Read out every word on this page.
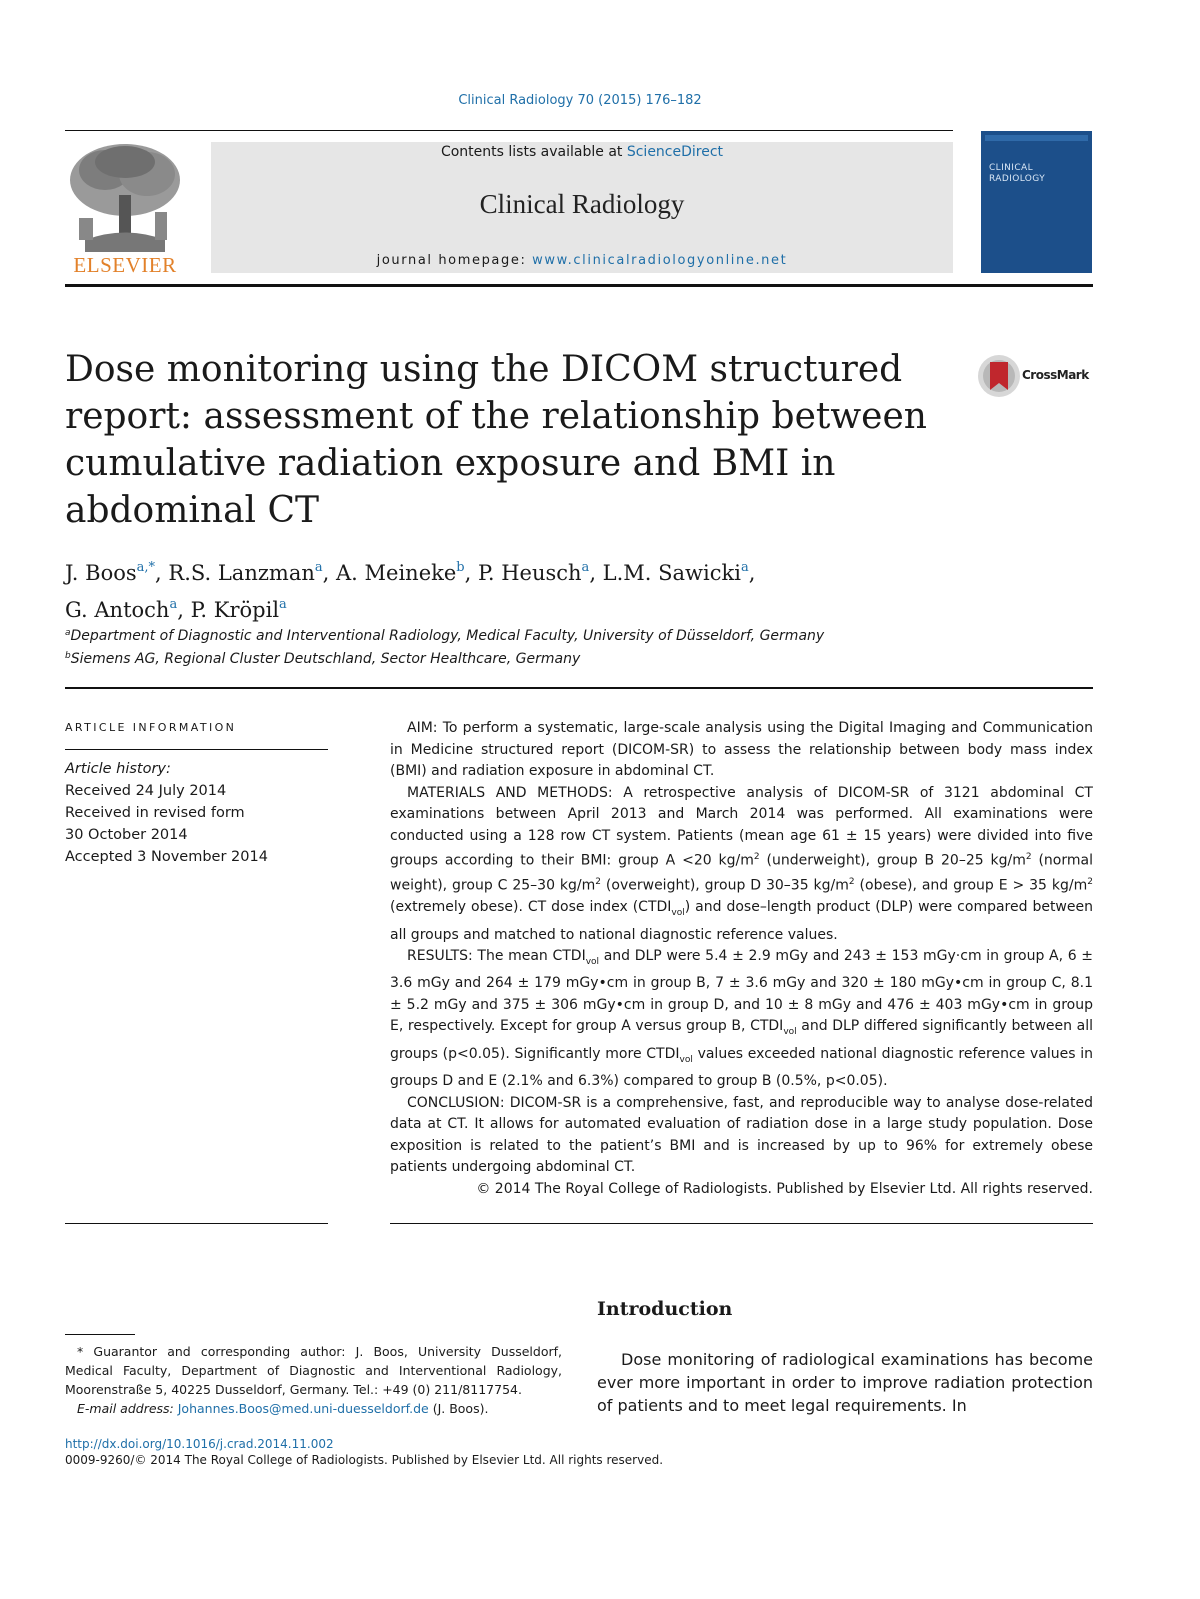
Clinical Radiology 70 (2015) 176–182
ELSEVIER
Contents lists available at ScienceDirect
Clinical Radiology
journal homepage: www.clinicalradiologyonline.net
CLINICAL
RADIOLOGY
Dose monitoring using the DICOM structured report: assessment of the relationship between cumulative radiation exposure and BMI in abdominal CT
CrossMark
J. Boos$^{a,*}$, R.S. Lanzman$^a$, A. Meineke$^b$, P. Heusch$^a$, L.M. Sawicki$^a$,
G. Antoch$^a$, P. Kröpil$^a$
$^a$Department of Diagnostic and Interventional Radiology, Medical Faculty, University of Düsseldorf, Germany
$^b$Siemens AG, Regional Cluster Deutschland, Sector Healthcare, Germany
ARTICLE INFORMATION
Article history:
Received 24 July 2014
Received in revised form
30 October 2014
Accepted 3 November 2014

AIM: To perform a systematic, large-scale analysis using the Digital Imaging and Communication in Medicine structured report (DICOM-SR) to assess the relationship between body mass index (BMI) and radiation exposure in abdominal CT.

MATERIALS AND METHODS: A retrospective analysis of DICOM-SR of 3121 abdominal CT examinations between April 2013 and March 2014 was performed. All examinations were conducted using a 128 row CT system. Patients (mean age 61 ± 15 years) were divided into five groups according to their BMI: group A <20 $kg/m^2$ (underweight), group B 20–25 $kg/m^2$ (normal weight), group C 25–30 $kg/m^2$ (overweight), group D 30–35 $kg/m^2$ (obese), and group E > 35 $kg/m^2$ (extremely obese). CT dose index $(CTDI_{vol})$ and dose–length product (DLP) were compared between all groups and matched to national diagnostic reference values.

RESULTS: The mean $CTDI_{vol}$ and DLP were 5.4 ± 2.9 mGy and 243 ± 153 mGy·cm in group A, 6 ± 3.6 mGy and 264 ± 179 mGy•cm in group B, 7 ± 3.6 mGy and 320 ± 180 mGy•cm in group C, 8.1 ± 5.2 mGy and 375 ± 306 mGy•cm in group D, and 10 ± 8 mGy and 476 ± 403 mGy•cm in group E, respectively. Except for group A versus group B, $CTDI_{vol}$ and DLP differed significantly between all groups (p<0.05). Significantly more $CTDI_{vol}$ values exceeded national diagnostic reference values in groups D and E (2.1% and 6.3%) compared to group B (0.5%, p<0.05).

CONCLUSION: DICOM-SR is a comprehensive, fast, and reproducible way to analyse dose-related data at CT. It allows for automated evaluation of radiation dose in a large study population. Dose exposition is related to the patient’s BMI and is increased by up to 96% for extremely obese patients undergoing abdominal CT.

© 2014 The Royal College of Radiologists. Published by Elsevier Ltd. All rights reserved.

Introduction

Dose monitoring of radiological examinations has become ever more important in order to improve radiation protection of patients and to meet legal requirements. In

* Guarantor and corresponding author: J. Boos, University Dusseldorf, Medical Faculty, Department of Diagnostic and Interventional Radiology, Moorenstraße 5, 40225 Dusseldorf, Germany. Tel.: +49 (0) 211/8117754.

E-mail address: Johannes.Boos@med.uni-duesseldorf.de (J. Boos).

http://dx.doi.org/10.1016/j.crad.2014.11.002
0009-9260/© 2014 The Royal College of Radiologists. Published by Elsevier Ltd. All rights reserved.
